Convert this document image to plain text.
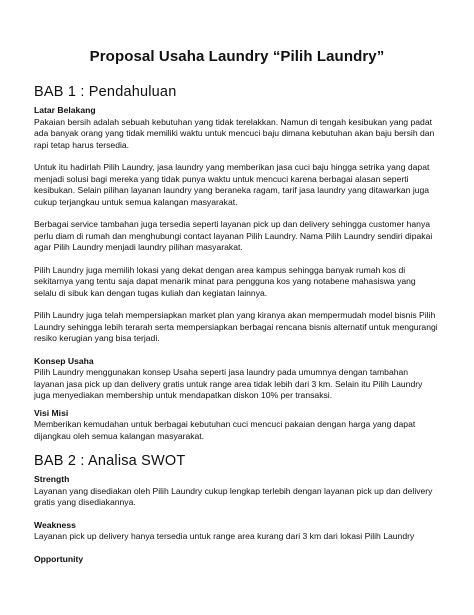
Proposal Usaha Laundry “Pilih Laundry”
BAB 1 : Pendahuluan
Latar Belakang

Pakaian bersih adalah sebuah kebutuhan yang tidak terelakkan. Namun di tengah kesibukan yang padat ada banyak orang yang tidak memiliki waktu untuk mencuci baju dimana kebutuhan akan baju bersih dan rapi tetap harus tersedia.

Untuk itu hadirlah Pilih Laundry, jasa laundry yang memberikan jasa cuci baju hingga setrika yang dapat menjadi solusi bagi mereka yang tidak punya waktu untuk mencuci karena berbagai alasan seperti kesibukan. Selain pilihan layanan laundry yang beraneka ragam, tarif jasa laundry yang ditawarkan juga cukup terjangkau untuk semua kalangan masyarakat.

Berbagai service tambahan juga tersedia seperti layanan pick up dan delivery sehingga customer hanya perlu diam di rumah dan menghubungi contact layanan Pilih Laundry. Nama Pilih Laundry sendiri dipakai agar Pilih Laundry menjadi laundry pilihan masyarakat.

Pilih Laundry juga memilih lokasi yang dekat dengan area kampus sehingga banyak rumah kos di sekitarnya yang tentu saja dapat menarik minat para pengguna kos yang notabene mahasiswa yang selalu di sibuk kan dengan tugas kuliah dan kegiatan lainnya.

Pilih Laundry juga telah mempersiapkan market plan yang kiranya akan mempermudah model bisnis Pilih Laundry sehingga lebih terarah serta mempersiapkan berbagai rencana bisnis alternatif untuk mengurangi resiko kerugian yang bisa terjadi.

Konsep Usaha

Pilih Laundry menggunakan konsep Usaha seperti jasa laundry pada umumnya dengan tambahan layanan jasa pick up dan delivery gratis untuk range area tidak lebih dari 3 km. Selain itu Pilih Laundry juga menyediakan membership untuk mendapatkan diskon 10% per transaksi.

Visi Misi

Memberikan kemudahan untuk berbagai kebutuhan cuci mencuci pakaian dengan harga yang dapat dijangkau oleh semua kalangan masyarakat.

BAB 2 : Analisa SWOT
Strength

Layanan yang disediakan oleh Pilih Laundry cukup lengkap terlebih dengan layanan pick up dan delivery gratis yang disediakannya.

Weakness

Layanan pick up delivery hanya tersedia untuk range area kurang dari 3 km dari lokasi Pilih Laundry

Opportunity
